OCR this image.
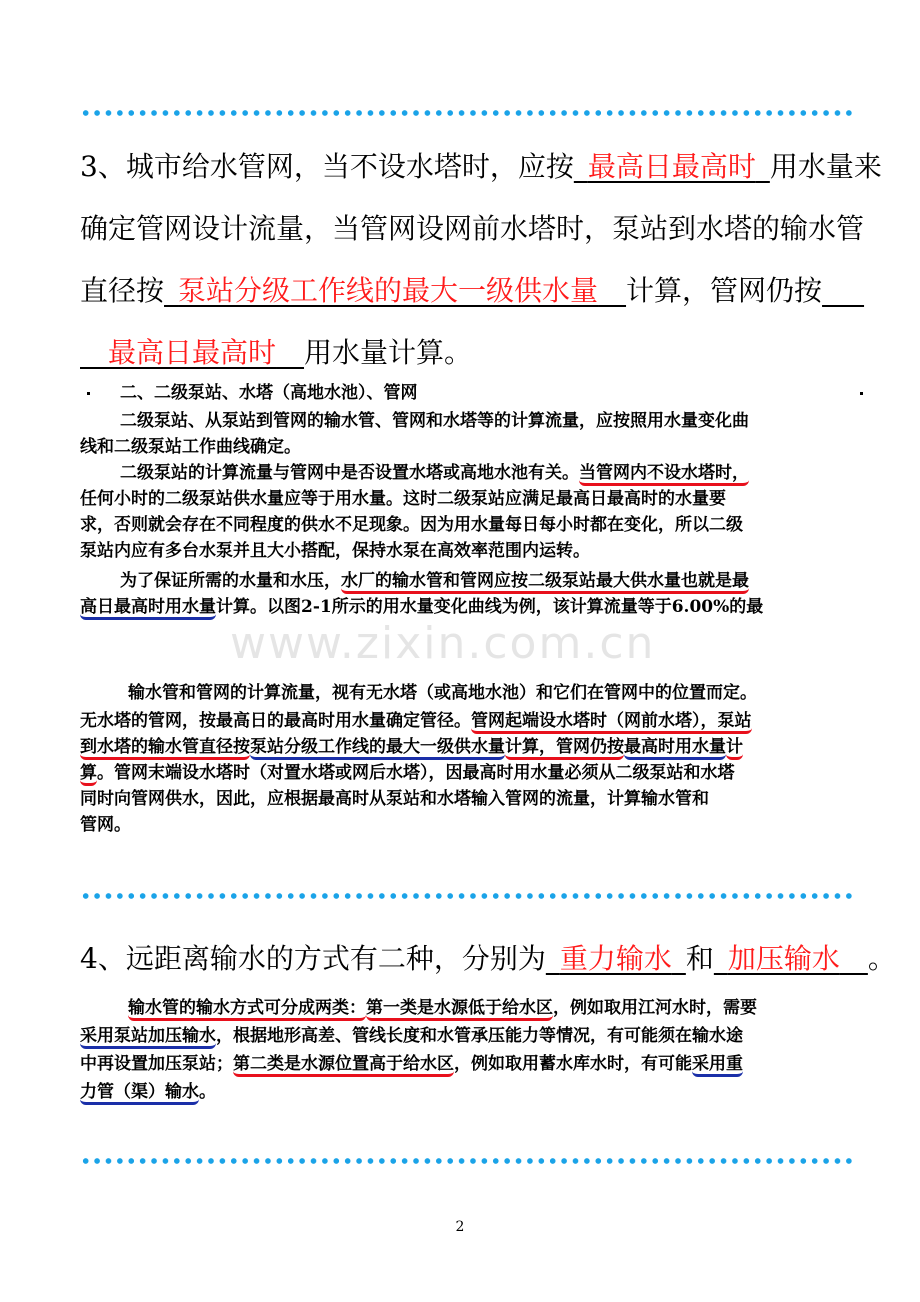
3、城市给水管网，当不设水塔时，应按  最高日最高时  用水量来
确定管网设计流量，当管网设网前水塔时，泵站到水塔的输水管
直径按  泵站分级工作线的最大一级供水量   计算，管网仍按   
  最高日最高时   用水量计算。
二、二级泵站、水塔（高地水池）、管网
二级泵站、从泵站到管网的输水管、管网和水塔等的计算流量，应按照用水量变化曲
线和二级泵站工作曲线确定。
二级泵站的计算流量与管网中是否设置水塔或高地水池有关。当管网内不设水塔时，
任何小时的二级泵站供水量应等于用水量。这时二级泵站应满足最高日最高时的水量要
求，否则就会存在不同程度的供水不足现象。因为用水量每日每小时都在变化，所以二级
泵站内应有多台水泵并且大小搭配，保持水泵在高效率范围内运转。
为了保证所需的水量和水压，水厂的输水管和管网应按二级泵站最大供水量也就是最
高日最高时用水量计算。以图2-1所示的用水量变化曲线为例，该计算流量等于6.00%的最
www.zixin.com.cn
输水管和管网的计算流量，视有无水塔（或高地水池）和它们在管网中的位置而定。
无水塔的管网，按最高日的最高时用水量确定管径。管网起端设水塔时（网前水塔），泵站
到水塔的输水管直径按泵站分级工作线的最大一级供水量计算，管网仍按最高时用水量计
算。管网末端设水塔时（对置水塔或网后水塔），因最高时用水量必须从二级泵站和水塔
同时向管网供水，因此，应根据最高时从泵站和水塔输入管网的流量，计算输水管和
管网。
4、远距离输水的方式有二种，分别为  重力输水  和  加压输水   。
输水管的输水方式可分成两类：第一类是水源低于给水区，例如取用江河水时，需要
采用泵站加压输水，根据地形高差、管线长度和水管承压能力等情况，有可能须在输水途
中再设置加压泵站；第二类是水源位置高于给水区，例如取用蓄水库水时，有可能采用重
力管（渠）输水。
2
